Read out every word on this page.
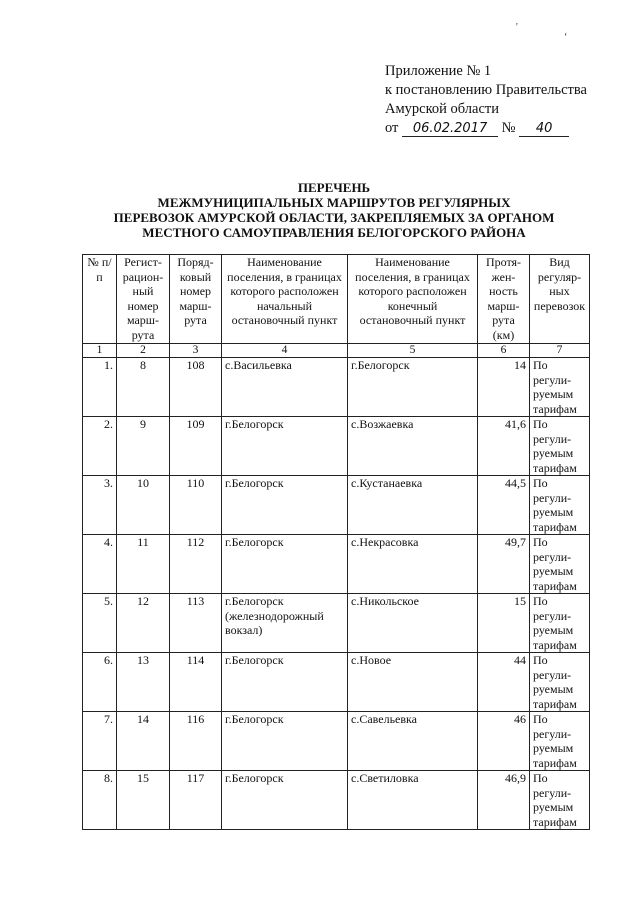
'
ʻ
Приложение № 1
к постановлению Правительства
Амурской области
от 06.02.2017 № 40
ПЕРЕЧЕНЬ
МЕЖМУНИЦИПАЛЬНЫХ МАРШРУТОВ РЕГУЛЯРНЫХ
ПЕРЕВОЗОК АМУРСКОЙ ОБЛАСТИ, ЗАКРЕПЛЯЕМЫХ ЗА ОРГАНОМ
МЕСТНОГО САМОУПРАВЛЕНИЯ БЕЛОГОРСКОГО РАЙОНА
№ п/п	Регист-рацион-ный номер марш-рута	Поряд-ковый номер марш-рута	Наименование поселения, в границах которого расположен начальный остановочный пункт	Наименование поселения, в границах которого расположен конечный остановочный пункт	Протя-жен-ность марш-рута (км)	Вид регуляр-ных перевозок
1	2	3	4	5	6	7
1.	8	108	с.Васильевка	г.Белогорск	14	По регули-руемым тарифам
2.	9	109	г.Белогорск	с.Возжаевка	41,6	По регули-руемым тарифам
3.	10	110	г.Белогорск	с.Кустанаевка	44,5	По регули-руемым тарифам
4.	11	112	г.Белогорск	с.Некрасовка	49,7	По регули-руемым тарифам
5.	12	113	г.Белогорск (железнодорожный вокзал)	с.Никольское	15	По регули-руемым тарифам
6.	13	114	г.Белогорск	с.Новое	44	По регули-руемым тарифам
7.	14	116	г.Белогорск	с.Савельевка	46	По регули-руемым тарифам
8.	15	117	г.Белогорск	с.Светиловка	46,9	По регули-руемым тарифам
